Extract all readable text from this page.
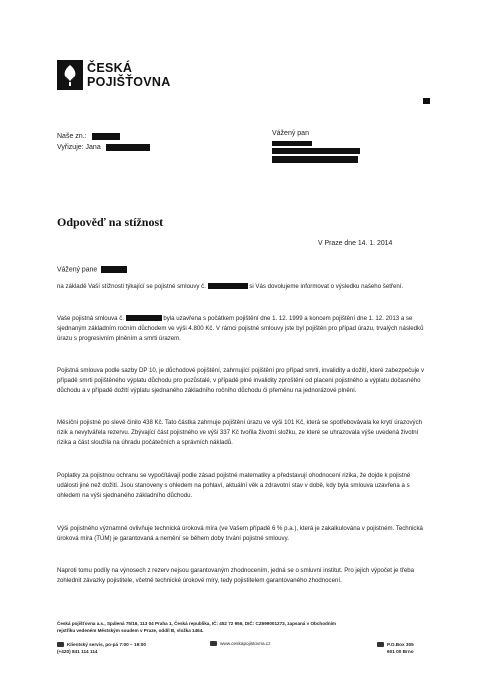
ČESKÁ
POJIŠŤOVNA
Naše zn.:
Vyřizuje: Jana
Vážený pan
Odpověď na stížnost
V Praze dne 14. 1. 2014
Vážený pane

na základě Vaší stížnosti týkající se pojistné smlouvy č.	si Vás dovolujeme informovat o výsledku našeho šetření.

Vaše pojistná smlouva č.	byla uzavřena s počátkem pojištění dne 1. 12. 1999 a koncem pojištění dne 1. 12. 2013 a se sjednaným základním ročním důchodem ve výši 4.800 Kč. V rámci pojistné smlouvy jste byl pojištěn pro případ úrazu, trvalých následků úrazu s progresivním plněním a smrti úrazem.

Pojistná smlouva podle sazby DP 10, je důchodové pojištění, zahrnující pojištění pro případ smrti, invalidity a dožití, které zabezpečuje v případě smrti pojištěného výplatu důchodu pro pozůstalé, v případě plné invalidity zproštění od placení pojistného a výplatu dočasného důchodu a v případě dožití výplatu sjednaného základního ročního důchodu či přeměnu na jednorázové plnění.
Měsíční pojistné po slevě činilo 438 Kč. Tato částka zahrnuje pojištění úrazu ve výši 101 Kč, která se spotřebovávala ke krytí úrazových rizik a nevytvářela rezervu. Zbývající část pojistného ve výši 337 Kč tvořila životní složku, ze které se uhrazovala výše uvedená životní rizika a část sloužila na úhradu počátečních a správních nákladů.
Poplatky za pojistnou ochranu se vypočítávají podle zásad pojistné matematiky a představují ohodnocení rizika, že dojde k pojistné události jiné než dožití. Jsou stanoveny s ohledem na pohlaví, aktuální věk a zdravotní stav v době, kdy byla smlouva uzavřena a s ohledem na výši sjednaného základního důchodu.
Výši pojistného významně ovlivňuje technická úroková míra (ve Vašem případě 6 % p.a.), která je zakalkulována v pojistném. Technická úroková míra (TÚM) je garantovaná a nemění se během doby trvání pojistné smlouvy.
Naproti tomu podíly na výnosech z rezerv nejsou garantovaným zhodnocením, jedná se o smluvní institut. Pro jejich výpočet je třeba zohlednit závazky pojistitele, včetně technické úrokové míry, tedy pojistitelem garantovaného zhodnocení.
Česká pojišťovna a.s., Spálená 75/16, 113 04 Praha 1, Česká republika, IČ: 452 72 956, DIČ: CZ699001273, zapsaná v Obchodním
rejstříku vedeném Městským soudem v Praze, oddíl B, vložka 1464.
Klientský servis, po-pá 7:00 – 19:00
(+420) 841 114 114
www.ceskapojistovna.cz	P.O.Box 305
601 00 Brno
